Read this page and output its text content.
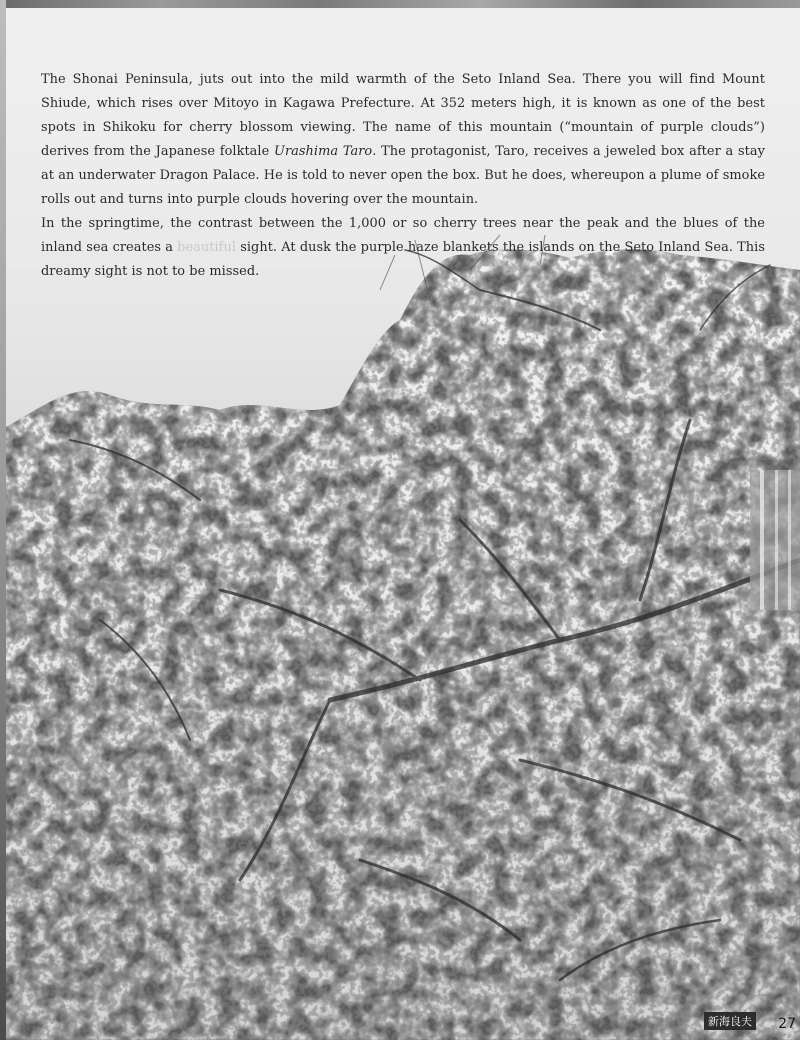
The Shonai Peninsula, juts out into the mild warmth of the Seto Inland Sea. There you will find Mount Shiude, which rises over Mitoyo in Kagawa Prefecture. At 352 meters high, it is known as one of the best spots in Shikoku for cherry blossom viewing. The name of this mountain (“mountain of purple clouds”) derives from the Japanese folktale Urashima Taro. The protagonist, Taro, receives a jeweled box after a stay at an underwater Dragon Palace. He is told to never open the box. But he does, whereupon a plume of smoke rolls out and turns into purple clouds hovering over the mountain.

In the springtime, the contrast between the 1,000 or so cherry trees near the peak and the blues of the inland sea creates a beautiful sight. At dusk the purple haze blankets the islands on the Seto Inland Sea. This dreamy sight is not to be missed.

新海良夫 27
